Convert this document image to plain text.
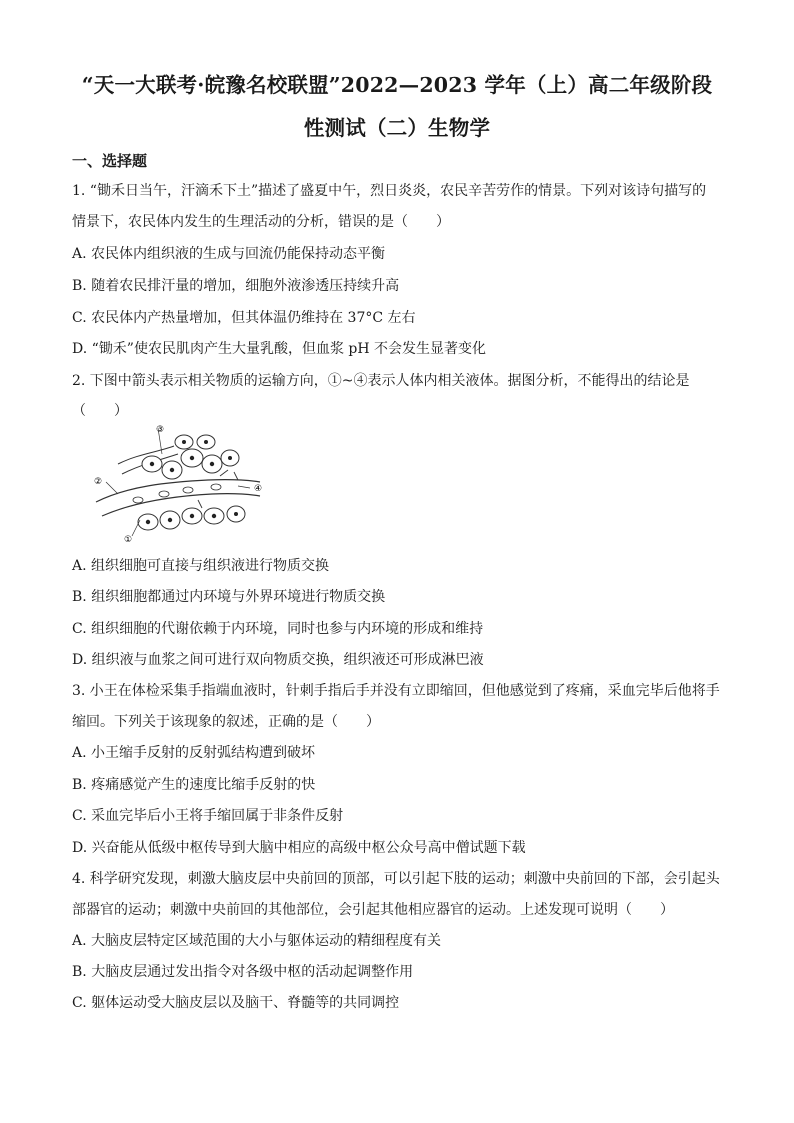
“天一大联考·皖豫名校联盟”2022—2023 学年（上）高二年级阶段
性测试（二）生物学
一、选择题
1. “锄禾日当午，汗滴禾下土”描述了盛夏中午，烈日炎炎，农民辛苦劳作的情景。下列对该诗句描写的
情景下，农民体内发生的生理活动的分析，错误的是（　　）
A. 农民体内组织液的生成与回流仍能保持动态平衡
B. 随着农民排汗量的增加，细胞外液渗透压持续升高
C. 农民体内产热量增加，但其体温仍维持在 37°C 左右
D. “锄禾”使农民肌肉产生大量乳酸，但血浆 pH 不会发生显著变化
2. 下图中箭头表示相关物质的运输方向，①~④表示人体内相关液体。据图分析，不能得出的结论是
（　　）
③
②
④
①
A. 组织细胞可直接与组织液进行物质交换
B. 组织细胞都通过内环境与外界环境进行物质交换
C. 组织细胞的代谢依赖于内环境，同时也参与内环境的形成和维持
D. 组织液与血浆之间可进行双向物质交换，组织液还可形成淋巴液
3. 小王在体检采集手指端血液时，针刺手指后手并没有立即缩回，但他感觉到了疼痛，采血完毕后他将手
缩回。下列关于该现象的叙述，正确的是（　　）
A. 小王缩手反射的反射弧结构遭到破坏
B. 疼痛感觉产生的速度比缩手反射的快
C. 采血完毕后小王将手缩回属于非条件反射
D. 兴奋能从低级中枢传导到大脑中相应的高级中枢公众号高中僧试题下载
4. 科学研究发现，刺激大脑皮层中央前回的顶部，可以引起下肢的运动；刺激中央前回的下部，会引起头
部器官的运动；刺激中央前回的其他部位，会引起其他相应器官的运动。上述发现可说明（　　）
A. 大脑皮层特定区域范围的大小与躯体运动的精细程度有关
B. 大脑皮层通过发出指令对各级中枢的活动起调整作用
C. 躯体运动受大脑皮层以及脑干、脊髓等的共同调控
